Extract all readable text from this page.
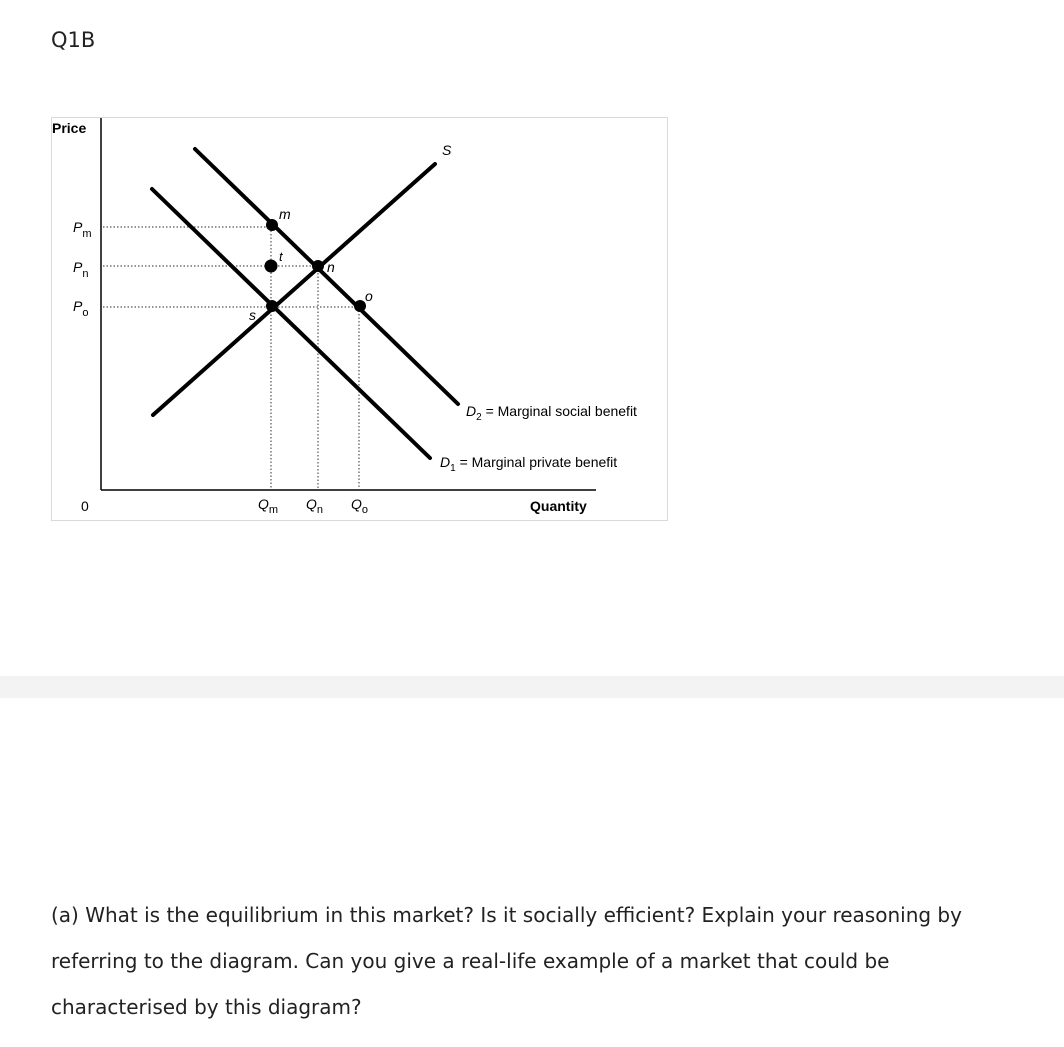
Q1B
m
t
n
o
s
S
Price
Quantity
0
$P_m$
$P_n$
$P_o$
$Q_m$ $Q_n$ $Q_o$
$D_2$ = Marginal social benefit
$D_1$ = Marginal private benefit

(a) What is the equilibrium in this market? Is it socially efficient? Explain your reasoning by referring to the diagram. Can you give a real-life example of a market that could be characterised by this diagram?
